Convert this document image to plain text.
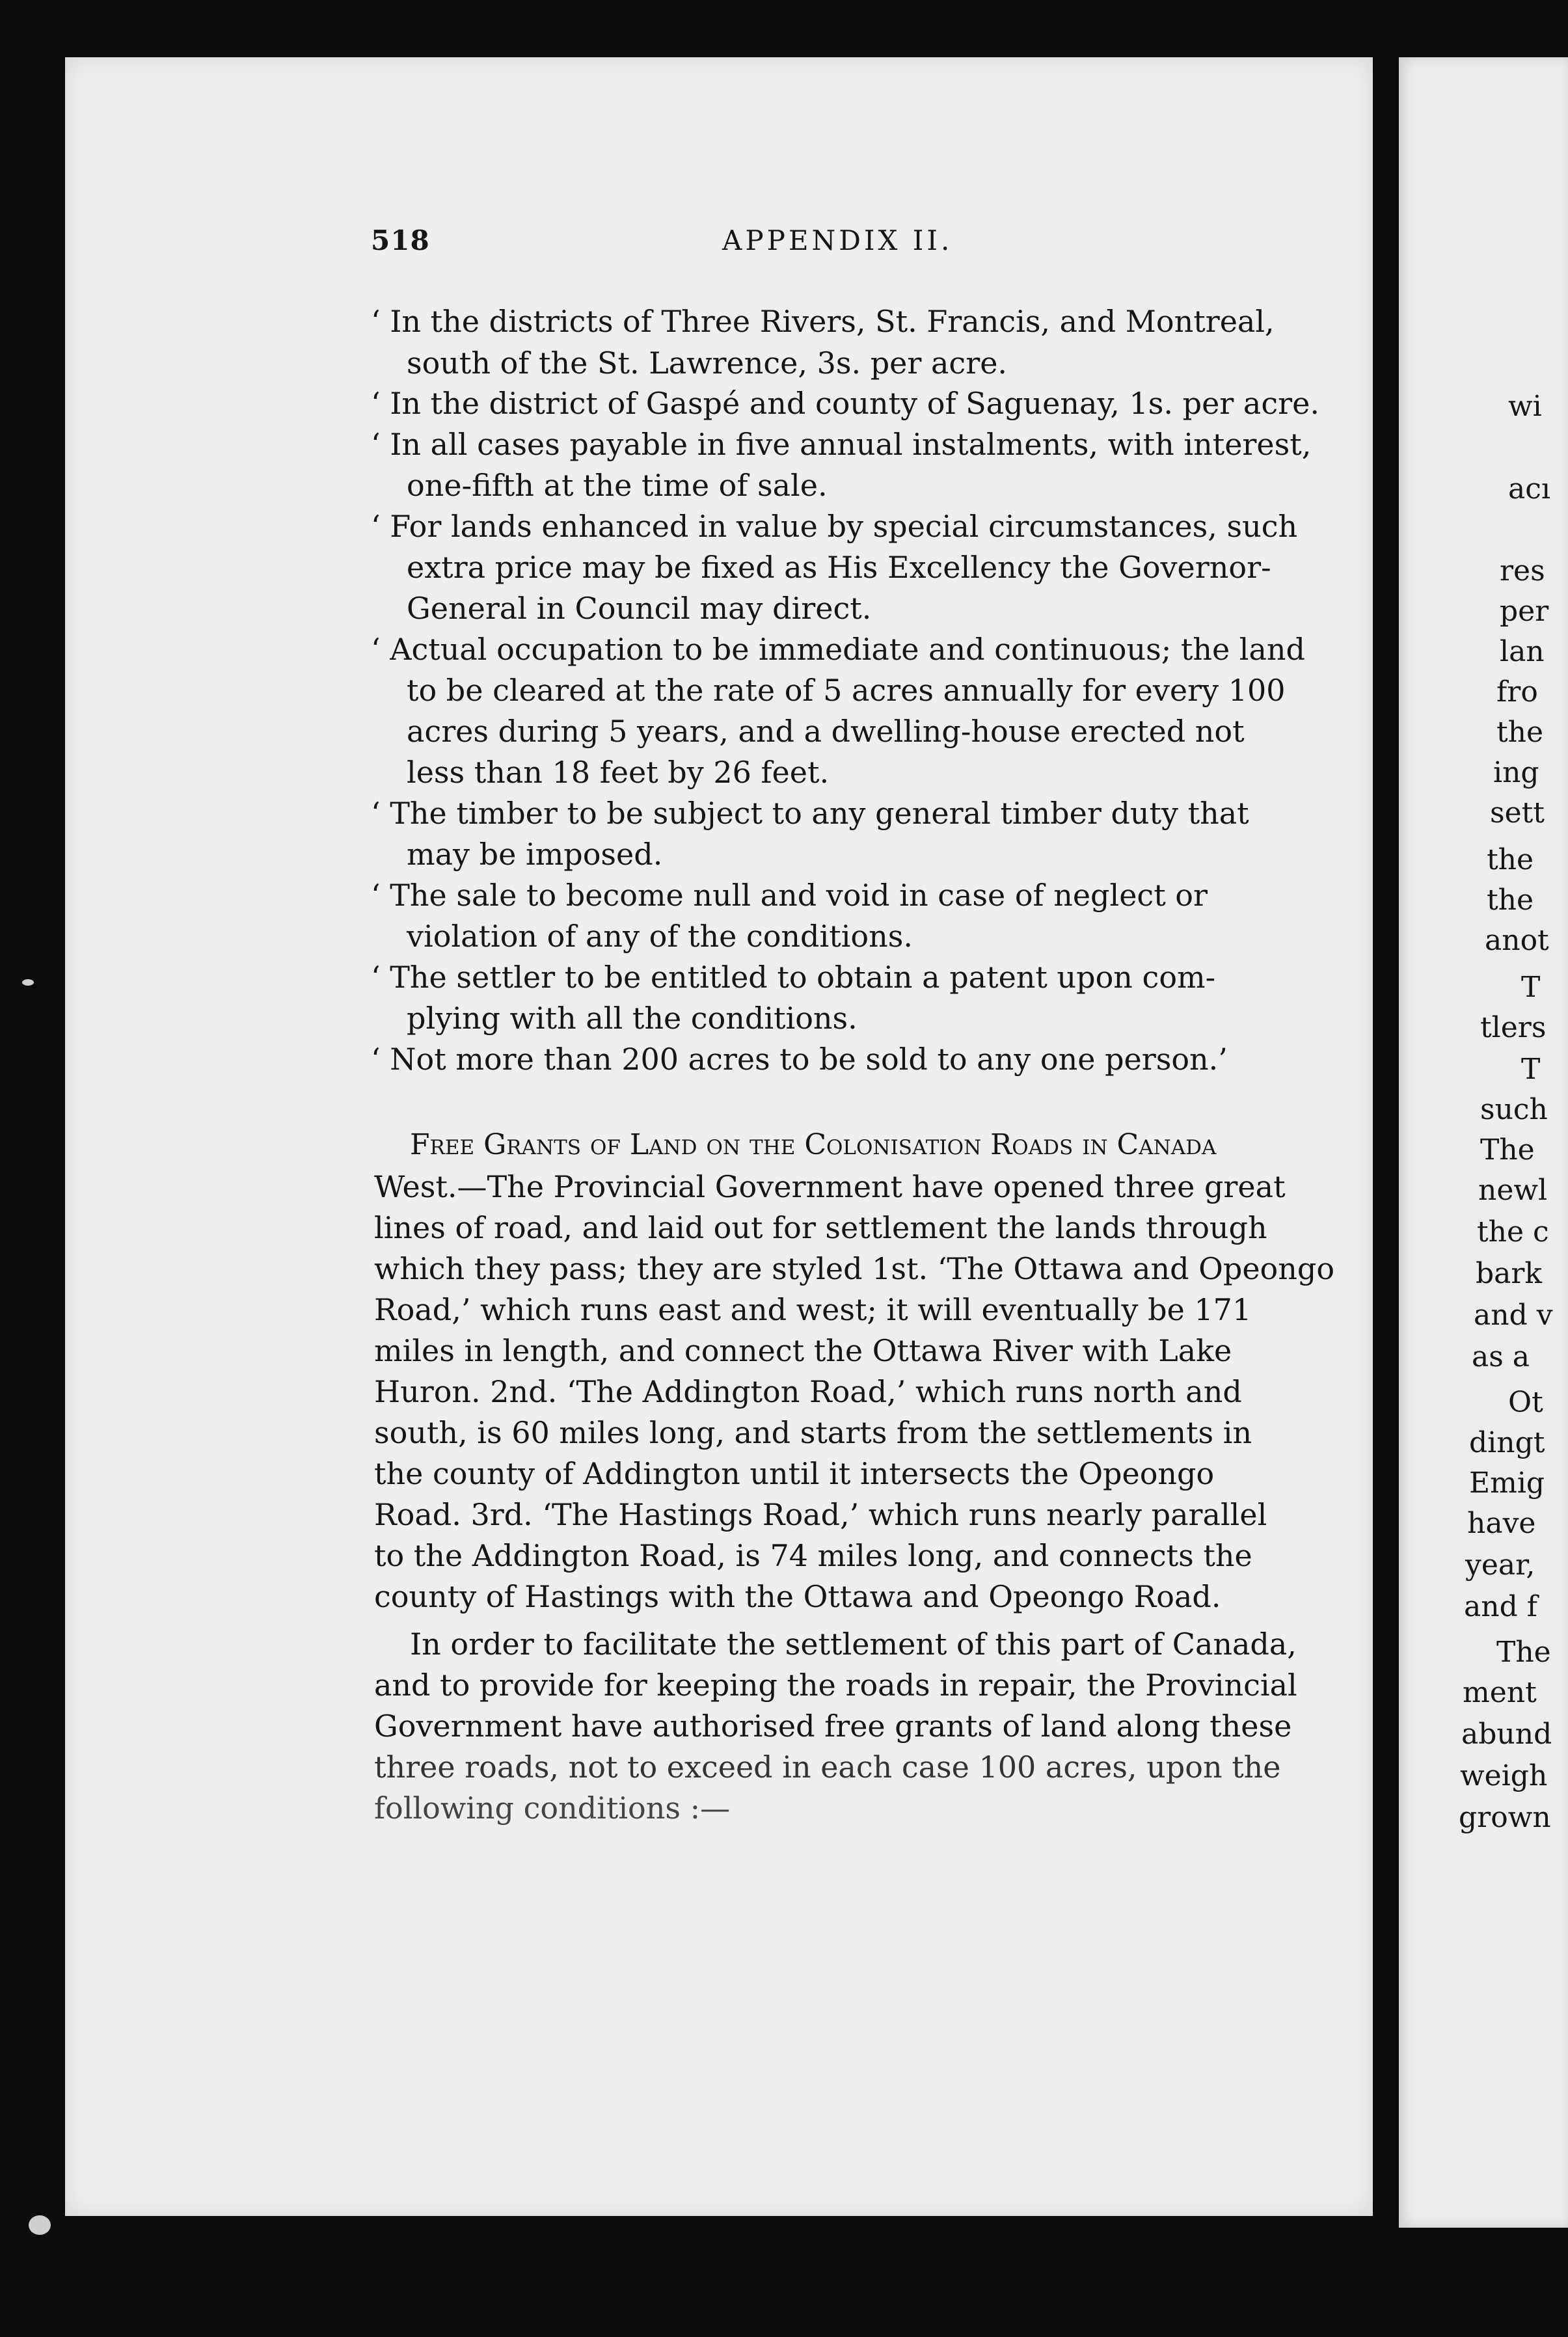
518	APPENDIX II.
‘ In the districts of Three Rivers, St. Francis, and Montreal,
south of the St. Lawrence, 3s. per acre.
‘ In the district of Gaspé and county of Saguenay, 1s. per acre.
‘ In all cases payable in five annual instalments, with interest,
one-fifth at the time of sale.
‘ For lands enhanced in value by special circumstances, such
extra price may be fixed as His Excellency the Governor-
General in Council may direct.
‘ Actual occupation to be immediate and continuous; the land
to be cleared at the rate of 5 acres annually for every 100
acres during 5 years, and a dwelling-house erected not
less than 18 feet by 26 feet.
‘ The timber to be subject to any general timber duty that
may be imposed.
‘ The sale to become null and void in case of neglect or
violation of any of the conditions.
‘ The settler to be entitled to obtain a patent upon com-
plying with all the conditions.
‘ Not more than 200 acres to be sold to any one person.’
Free Grants of Land on the Colonisation Roads in Canada
West.—The Provincial Government have opened three great
lines of road, and laid out for settlement the lands through
which they pass; they are styled 1st. ‘The Ottawa and Opeongo
Road,’ which runs east and west; it will eventually be 171
miles in length, and connect the Ottawa River with Lake
Huron. 2nd. ‘The Addington Road,’ which runs north and
south, is 60 miles long, and starts from the settlements in
the county of Addington until it intersects the Opeongo
Road. 3rd. ‘The Hastings Road,’ which runs nearly parallel
to the Addington Road, is 74 miles long, and connects the
county of Hastings with the Ottawa and Opeongo Road.
In order to facilitate the settlement of this part of Canada,
and to provide for keeping the roads in repair, the Provincial
Government have authorised free grants of land along these
three roads, not to exceed in each case 100 acres, upon the
following conditions :—
wi
acı
res
per
lan
fro
the
ing
sett
the
the
anot
T
tlers
T
such
The
newl
the c
bark
and v
as a
Ot
dingt
Emig
have
year,
and f
The
ment
abund
weigh
grown
